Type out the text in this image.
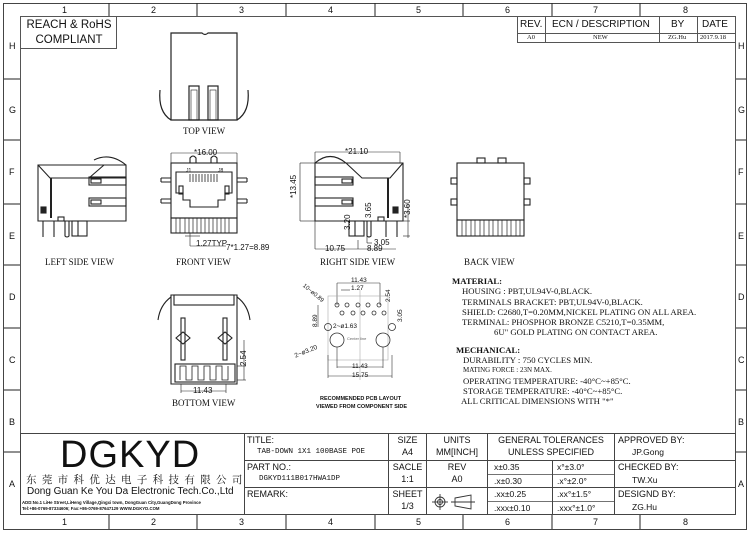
1	2	3	4	5	6	7	8
1	2	3	4	5	6	7	8
H
G
F
E
D
C
B
A
H
G
F
E
D
C
B
A
REACH & RoHS
COMPLIANT
REV. ECN / DESCRIPTION BY DATE
A0	NEW	ZG.Hu 2017.9.18
TOP VIEW
LEFT SIDE VIEW	FRONT VIEW	RIGHT SIDE VIEW	BACK VIEW
BOTTOM VIEW	RECOMMENDED PCB LAYOUT
VIEWED FROM COMPONENT SIDE
*16.00
J1	J8
1.27TYP
7*1.27=8.89
*21.10
*13.45
3.20
3.65	*3.60
3.05
10.75	8.89
11.43
1.27
2.54
10~ø0.89
8.89	3.05
2~ø1.63
Center line
2~ø3.20
11.43
15.75
2.54
11.43
MATERIAL:
HOUSING : PBT,UL94V-0,BLACK.
TERMINALS BRACKET: PBT,UL94V-0,BLACK.
SHIELD: C2680,T=0.20MM,NICKEL PLATING ON ALL AREA.
TERMINAL: PHOSPHOR BRONZE C5210,T=0.35MM,
6U" GOLD PLATING ON CONTACT AREA.
MECHANICAL:
DURABILITY : 750 CYCLES MIN.
MATING FORCE : 23N MAX.
OPERATING TEMPERATURE: -40°C~+85°C.
STORAGE TEMPERATURE: -40°C~+85°C.
ALL CRITICAL DIMENSIONS WITH "*"
DGKYD
东 莞 市 科 优 达 电 子 科 技 有 限 公 司
Dong Guan Ke You Da Electronic Tech.Co.,Ltd
ADD:No.1 LiHe Street,LiHeng Village,Qingxi town, DongGuan City,GuangDong Province
Tel:+86-0769-87334606; Fax:+86-0769-87647129 WWW.DGKYD.COM
TITLE:
TAB-DOWN 1X1 100BASE POE
PART NO.:
DGKYD111B017HWA1DP
REMARK:
SIZE
A4
SACLE
1:1
SHEET
1/3
UNITS
MM[INCH]
REV
A0
GENERAL TOLERANCES
UNLESS SPECIFIED
x±0.35	x°±3.0°
.x±0.30	.x°±2.0°
.xx±0.25	.xx°±1.5°
.xxx±0.10	.xxx°±1.0°
APPROVED BY:
JP.Gong
CHECKED BY:
TW.Xu
DESIGND BY:
ZG.Hu
